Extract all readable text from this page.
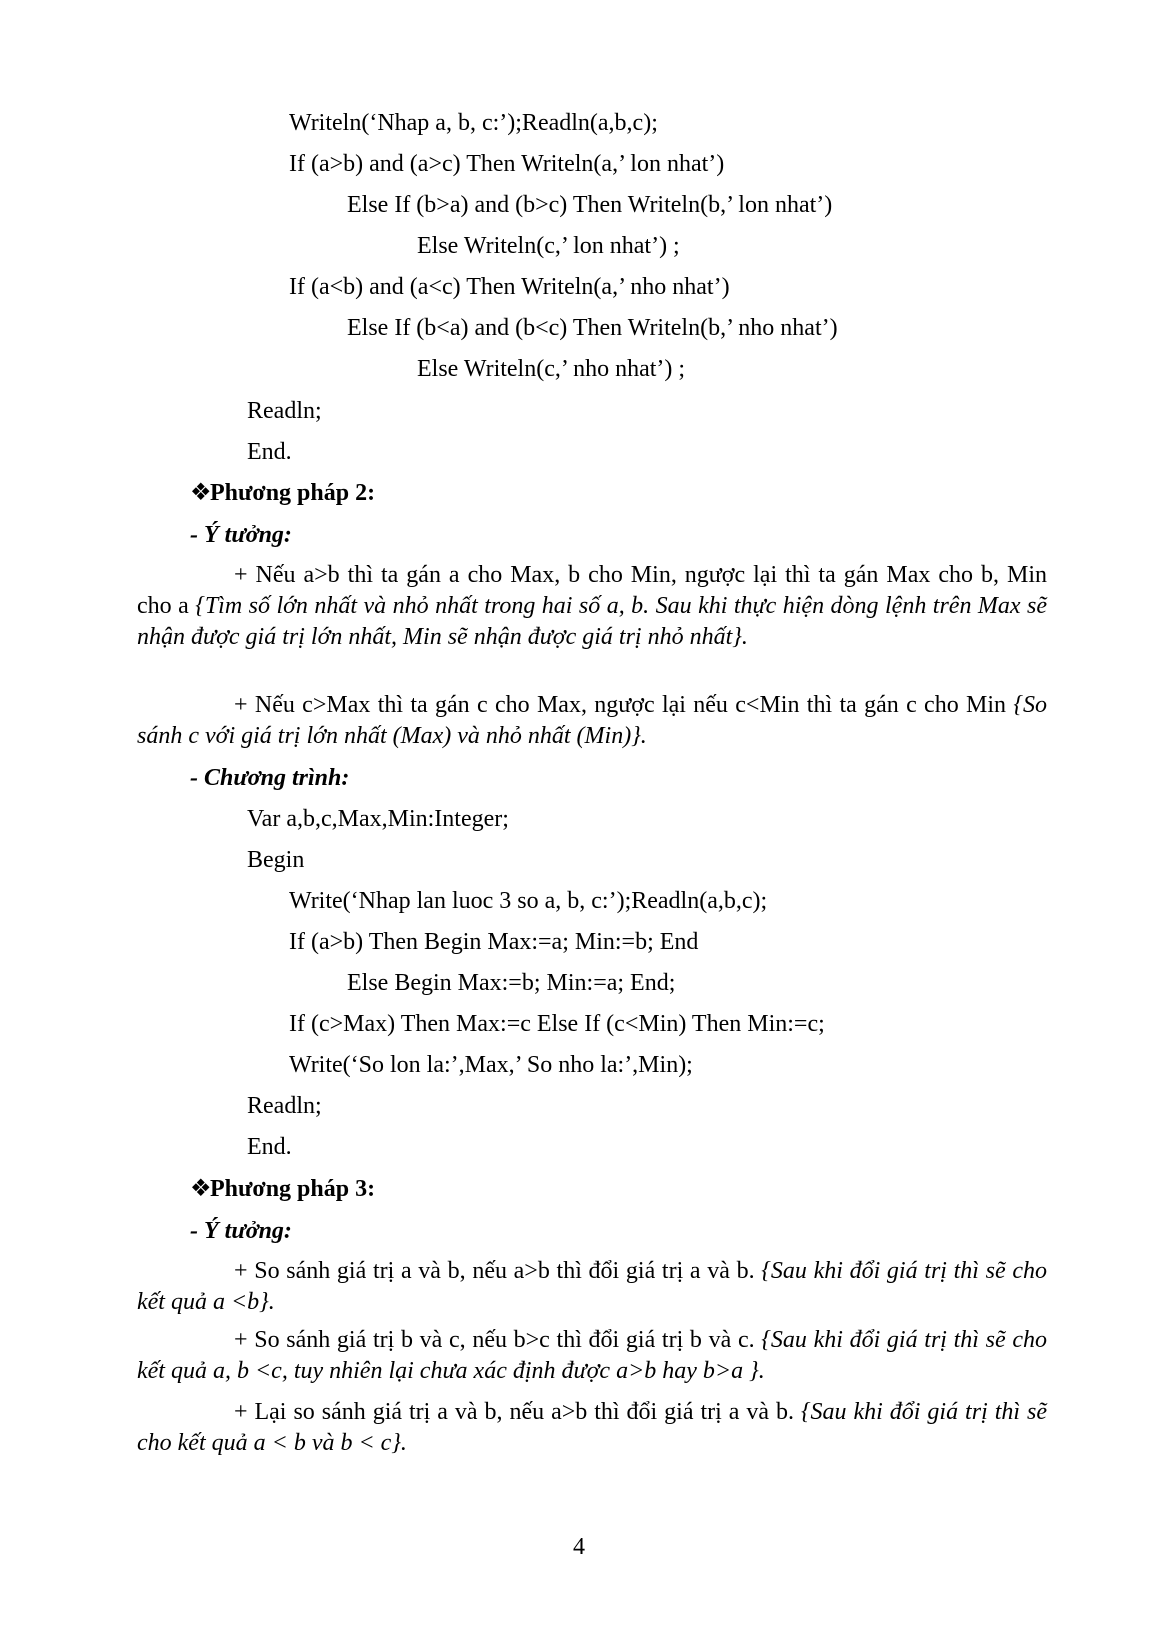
Writeln(‘Nhap a, b, c:’);Readln(a,b,c);
If (a>b) and (a>c) Then Writeln(a,’ lon nhat’)
Else If (b>a) and (b>c) Then Writeln(b,’ lon nhat’)
Else Writeln(c,’ lon nhat’) ;
If (a<b) and (a<c) Then Writeln(a,’ nho nhat’)
Else If (b<a) and (b<c) Then Writeln(b,’ nho nhat’)
Else Writeln(c,’ nho nhat’) ;
Readln;
End.
❖Phương pháp 2:
- Ý tưởng:
+ Nếu a>b thì ta gán a cho Max, b cho Min, ngược lại thì ta gán Max cho b, Min cho a {Tìm số lớn nhất và nhỏ nhất trong hai số a, b. Sau khi thực hiện dòng lệnh trên Max sẽ nhận được giá trị lớn nhất, Min sẽ nhận được giá trị nhỏ nhất}.
+ Nếu c>Max thì ta gán c cho Max, ngược lại nếu c<Min thì ta gán c cho Min {So sánh c với giá trị lớn nhất (Max) và nhỏ nhất (Min)}.
- Chương trình:
Var a,b,c,Max,Min:Integer;
Begin
Write(‘Nhap lan luoc 3 so a, b, c:’);Readln(a,b,c);
If (a>b) Then Begin Max:=a; Min:=b; End
Else Begin Max:=b; Min:=a; End;
If (c>Max) Then Max:=c Else If (c<Min) Then Min:=c;
Write(‘So lon la:’,Max,’ So nho la:’,Min);
Readln;
End.
❖Phương pháp 3:
- Ý tưởng:
+ So sánh giá trị a và b, nếu a>b thì đổi giá trị a và b. {Sau khi đổi giá trị thì sẽ cho kết quả a <b}.
+ So sánh giá trị b và c, nếu b>c thì đổi giá trị b và c. {Sau khi đổi giá trị thì sẽ cho kết quả a, b <c, tuy nhiên lại chưa xác định được a>b hay b>a }.
+ Lại so sánh giá trị a và b, nếu a>b thì đổi giá trị a và b. {Sau khi đổi giá trị thì sẽ cho kết quả a < b và b < c}.
4
